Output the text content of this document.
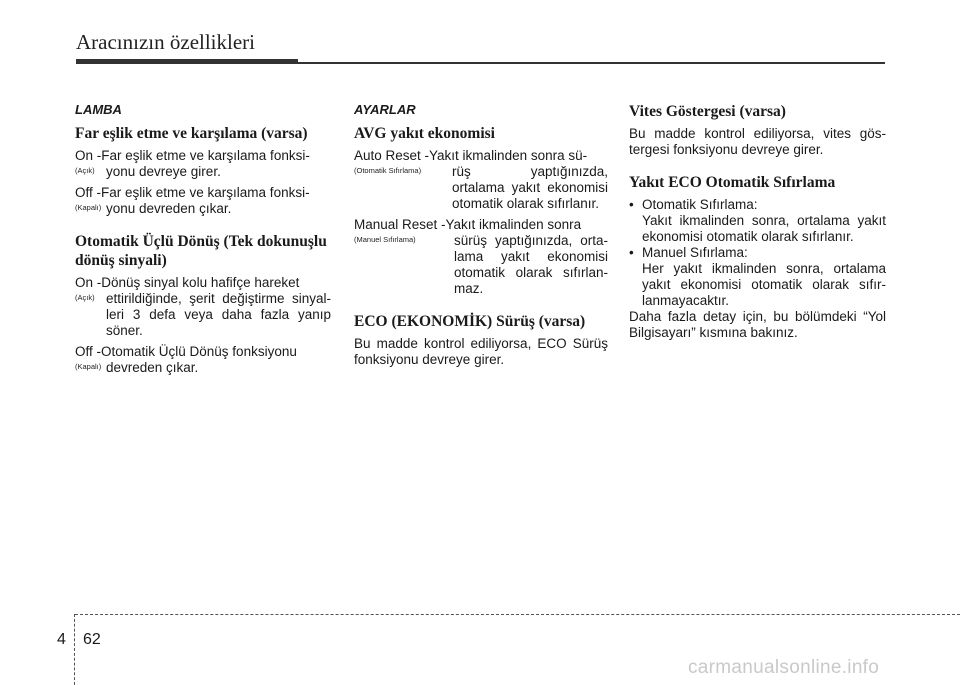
Aracınızın özellikleri
LAMBA
Far eşlik etme ve karşılama (varsa)
On - Far eşlik etme ve karşılama fonksi-
(Açık) yonu devreye girer.
Off - Far eşlik etme ve karşılama fonksi-
(Kapalı) yonu devreden çıkar.
Otomatik Üçlü Dönüş (Tek dokunuşlu dönüş sinyali)
On - Dönüş sinyal kolu hafifçe hareket
(Açık) ettirildiğinde, şerit değiştirme sinyal-leri 3 defa veya daha fazla yanıp söner.
Off - Otomatik Üçlü Dönüş fonksiyonu
(Kapalı) devreden çıkar.
AYARLAR
AVG yakıt ekonomisi
Auto Reset - Yakıt ikmalinden sonra sü-
(Otomatik Sıfırlama)	rüş yaptığınızda, ortalama yakıt ekonomisi otomatik olarak sıfırlanır.
Manual Reset - Yakıt ikmalinden sonra
(Manuel Sıfırlama)	sürüş yaptığınızda, orta-lama yakıt ekonomisi otomatik olarak sıfırlan-maz.
ECO (EKONOMİK) Sürüş (varsa)

Bu madde kontrol ediliyorsa, ECO Sürüş fonksiyonu devreye girer.

Vites Göstergesi (varsa)

Bu madde kontrol ediliyorsa, vites gös-tergesi fonksiyonu devreye girer.

Yakıt ECO Otomatik Sıfırlama
• Otomatik Sıfırlama:
Yakıt ikmalinden sonra, ortalama yakıt ekonomisi otomatik olarak sıfırlanır.
• Manuel Sıfırlama:
Her yakıt ikmalinden sonra, ortalama yakıt ekonomisi otomatik olarak sıfır-lanmayacaktır.

Daha fazla detay için, bu bölümdeki “Yol Bilgisayarı” kısmına bakınız.

4 62
carmanualsonline.info
